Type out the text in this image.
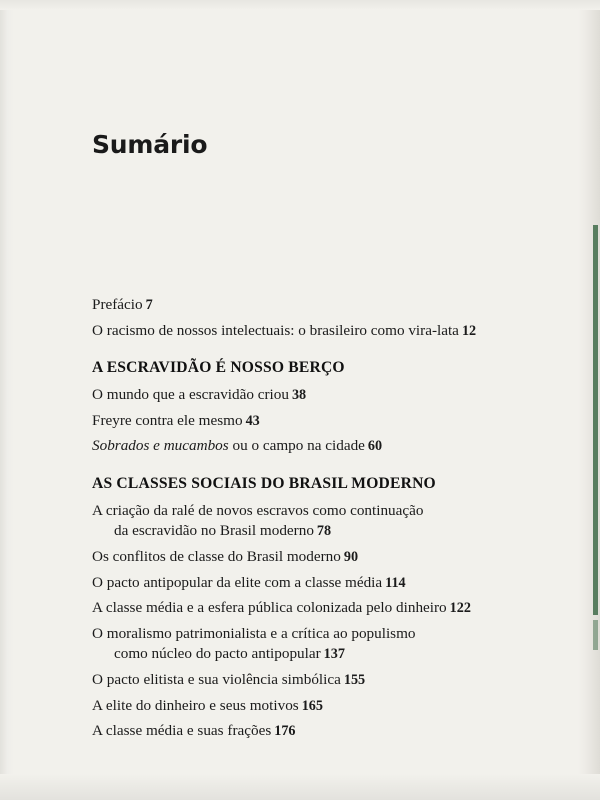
Sumário

Prefácio 7

O racismo de nossos intelectuais: o brasileiro como vira-lata 12

A ESCRAVIDÃO É NOSSO BERÇO

O mundo que a escravidão criou 38

Freyre contra ele mesmo 43

Sobrados e mucambos ou o campo na cidade 60

AS CLASSES SOCIAIS DO BRASIL MODERNO

A criação da ralé de novos escravos como continuação
da escravidão no Brasil moderno 78

Os conflitos de classe do Brasil moderno 90

O pacto antipopular da elite com a classe média 114

A classe média e a esfera pública colonizada pelo dinheiro 122

O moralismo patrimonialista e a crítica ao populismo
como núcleo do pacto antipopular 137

O pacto elitista e sua violência simbólica 155

A elite do dinheiro e seus motivos 165

A classe média e suas frações 176
